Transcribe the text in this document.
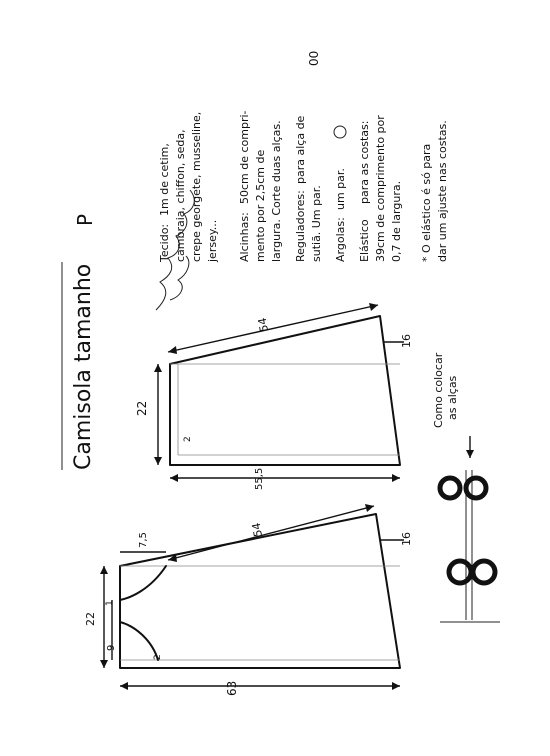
54
22
16
55,5
2
54
7,5
22
9
1
2
16
63
Camisola tamanho
P
Tecido:
1m de cetim, cambraia, chiffon, seda, crepe georgete, musseline, jersey... Alcinhas:
50cm de compri- mento por 2,5cm de largura. Corte duas alças. Reguladores:
para alça de
sutiã. Um par.
00
Argolas:
um par.
Elástico
para as costas: 39cm de comprimento por 0,7 de largura. * O elástico é só para dar um ajuste nas costas.
Como colocar as alças
